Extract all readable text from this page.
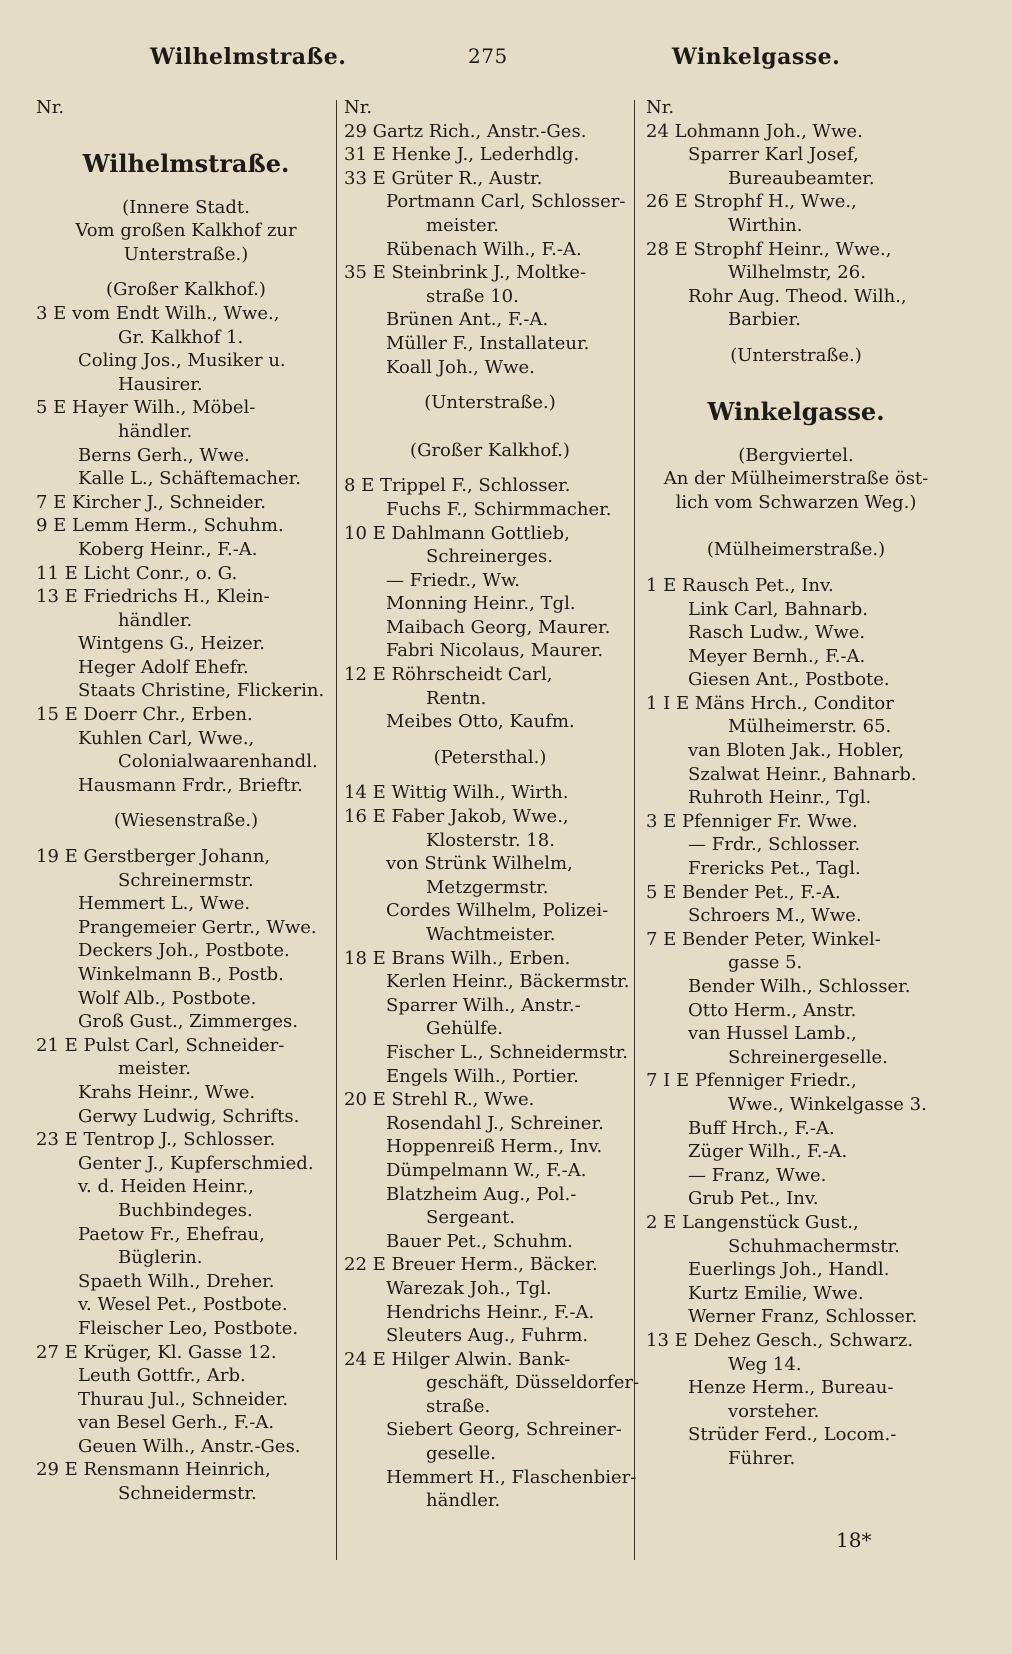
Wilhelmstraße.	275	Winkelgasse.
Nr.
Wilhelmstraße.
(Innere Stadt.
Vom großen Kalkhof zur
Unterstraße.)
(Großer Kalkhof.)
3 E vom Endt Wilh., Wwe.,
Gr. Kalkhof 1.
Coling Jos., Musiker u.
Hausirer.
5 E Hayer Wilh., Möbel-
händler.
Berns Gerh., Wwe.
Kalle L., Schäftemacher.
7 E Kircher J., Schneider.
9 E Lemm Herm., Schuhm.
Koberg Heinr., F.-A.
11 E Licht Conr., o. G.
13 E Friedrichs H., Klein-
händler.
Wintgens G., Heizer.
Heger Adolf Ehefr.
Staats Christine, Flickerin.
15 E Doerr Chr., Erben.
Kuhlen Carl, Wwe.,
Colonialwaarenhandl.
Hausmann Frdr., Brieftr.
(Wiesenstraße.)
19 E Gerstberger Johann,
Schreinermstr.
Hemmert L., Wwe.
Prangemeier Gertr., Wwe.
Deckers Joh., Postbote.
Winkelmann B., Postb.
Wolf Alb., Postbote.
Groß Gust., Zimmerges.
21 E Pulst Carl, Schneider-
meister.
Krahs Heinr., Wwe.
Gerwy Ludwig, Schrifts.
23 E Tentrop J., Schlosser.
Genter J., Kupferschmied.
v. d. Heiden Heinr.,
Buchbindeges.
Paetow Fr., Ehefrau,
Büglerin.
Spaeth Wilh., Dreher.
v. Wesel Pet., Postbote.
Fleischer Leo, Postbote.
27 E Krüger, Kl. Gasse 12.
Leuth Gottfr., Arb.
Thurau Jul., Schneider.
van Besel Gerh., F.-A.
Geuen Wilh., Anstr.-Ges.
29 E Rensmann Heinrich,
Schneidermstr.
Nr.
29 Gartz Rich., Anstr.-Ges.
31 E Henke J., Lederhdlg.
33 E Grüter R., Austr.
Portmann Carl, Schlosser-
meister.
Rübenach Wilh., F.-A.
35 E Steinbrink J., Moltke-
straße 10.
Brünen Ant., F.-A.
Müller F., Installateur.
Koall Joh., Wwe.
(Unterstraße.)
(Großer Kalkhof.)
8 E Trippel F., Schlosser.
Fuchs F., Schirmmacher.
10 E Dahlmann Gottlieb,
Schreinerges.
— Friedr., Ww.
Monning Heinr., Tgl.
Maibach Georg, Maurer.
Fabri Nicolaus, Maurer.
12 E Röhrscheidt Carl,
Rentn.
Meibes Otto, Kaufm.
(Petersthal.)
14 E Wittig Wilh., Wirth.
16 E Faber Jakob, Wwe.,
Klosterstr. 18.
von Strünk Wilhelm,
Metzgermstr.
Cordes Wilhelm, Polizei-
Wachtmeister.
18 E Brans Wilh., Erben.
Kerlen Heinr., Bäckermstr.
Sparrer Wilh., Anstr.-
Gehülfe.
Fischer L., Schneidermstr.
Engels Wilh., Portier.
20 E Strehl R., Wwe.
Rosendahl J., Schreiner.
Hoppenreiß Herm., Inv.
Dümpelmann W., F.-A.
Blatzheim Aug., Pol.-
Sergeant.
Bauer Pet., Schuhm.
22 E Breuer Herm., Bäcker.
Warezak Joh., Tgl.
Hendrichs Heinr., F.-A.
Sleuters Aug., Fuhrm.
24 E Hilger Alwin. Bank-
geschäft, Düsseldorfer-
straße.
Siebert Georg, Schreiner-
geselle.
Hemmert H., Flaschenbier-
händler.
Nr.
24 Lohmann Joh., Wwe.
Sparrer Karl Josef,
Bureaubeamter.
26 E Strophf H., Wwe.,
Wirthin.
28 E Strophf Heinr., Wwe.,
Wilhelmstr, 26.
Rohr Aug. Theod. Wilh.,
Barbier.
(Unterstraße.)
Winkelgasse.
(Bergviertel.
An der Mülheimerstraße öst-
lich vom Schwarzen Weg.)
(Mülheimerstraße.)
1 E Rausch Pet., Inv.
Link Carl, Bahnarb.
Rasch Ludw., Wwe.
Meyer Bernh., F.-A.
Giesen Ant., Postbote.
1 I E Mäns Hrch., Conditor
Mülheimerstr. 65.
van Bloten Jak., Hobler,
Szalwat Heinr., Bahnarb.
Ruhroth Heinr., Tgl.
3 E Pfenniger Fr. Wwe.
— Frdr., Schlosser.
Frericks Pet., Tagl.
5 E Bender Pet., F.-A.
Schroers M., Wwe.
7 E Bender Peter, Winkel-
gasse 5.
Bender Wilh., Schlosser.
Otto Herm., Anstr.
van Hussel Lamb.,
Schreinergeselle.
7 I E Pfenniger Friedr.,
Wwe., Winkelgasse 3.
Buff Hrch., F.-A.
Züger Wilh., F.-A.
— Franz, Wwe.
Grub Pet., Inv.
2 E Langenstück Gust.,
Schuhmachermstr.
Euerlings Joh., Handl.
Kurtz Emilie, Wwe.
Werner Franz, Schlosser.
13 E Dehez Gesch., Schwarz.
Weg 14.
Henze Herm., Bureau-
vorsteher.
Strüder Ferd., Locom.-
Führer.
18*
